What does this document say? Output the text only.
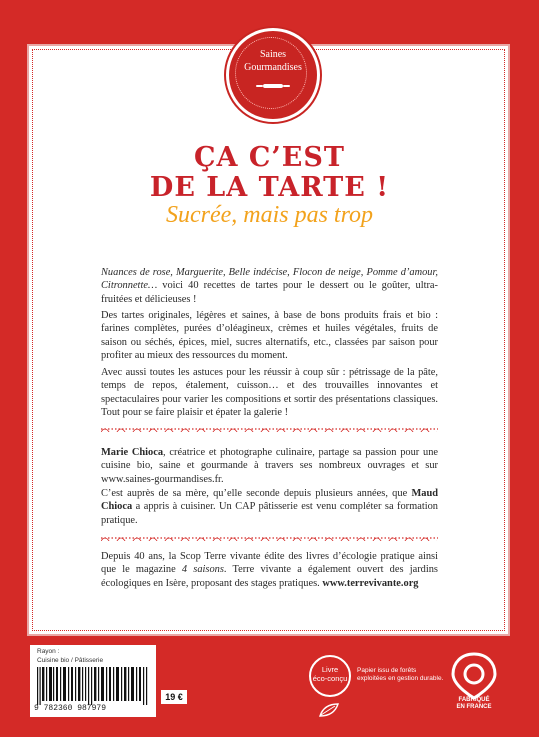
Saines
Gourmandises
ÇA C’EST
DE LA TARTE !
Sucrée, mais pas trop
Nuances de rose, Marguerite, Belle indécise, Flocon de neige, Pomme d’amour, Citronnette… voici 40 recettes de tartes pour le dessert ou le goûter, ultra-fruitées et délicieuses !
Des tartes originales, légères et saines, à base de bons produits frais et bio : farines complètes, purées d’oléagineux, crèmes et huiles végétales, fruits de saison ou séchés, épices, miel, sucres alternatifs, etc., classées par saison pour profiter au mieux des ressources du moment.
Avec aussi toutes les astuces pour les réussir à coup sûr : pétrissage de la pâte, temps de repos, étalement, cuisson… et des trouvailles innovantes et spectaculaires pour varier les compositions et sortir des présentations classiques. Tout pour se faire plaisir et épater la galerie !
Marie Chioca, créatrice et photographe culinaire, partage sa passion pour une cuisine bio, saine et gourmande à travers ses nombreux ouvrages et sur www.saines-gourmandises.fr.
C’est auprès de sa mère, qu’elle seconde depuis plusieurs années, que Maud Chioca a appris à cuisiner. Un CAP pâtisserie est venu compléter sa formation pratique.
Depuis 40 ans, la Scop Terre vivante édite des livres d’écologie pratique ainsi que le magazine 4 saisons. Terre vivante a également ouvert des jardins écologiques en Isère, proposant des stages pratiques. www.terrevivante.org
Rayon :
Cuisine bio / Pâtisserie
9 782360 987979
19 €
Livre
éco-conçu
Papier issu de forêts exploitées en gestion durable.
FABRIQUÉ
EN FRANCE
